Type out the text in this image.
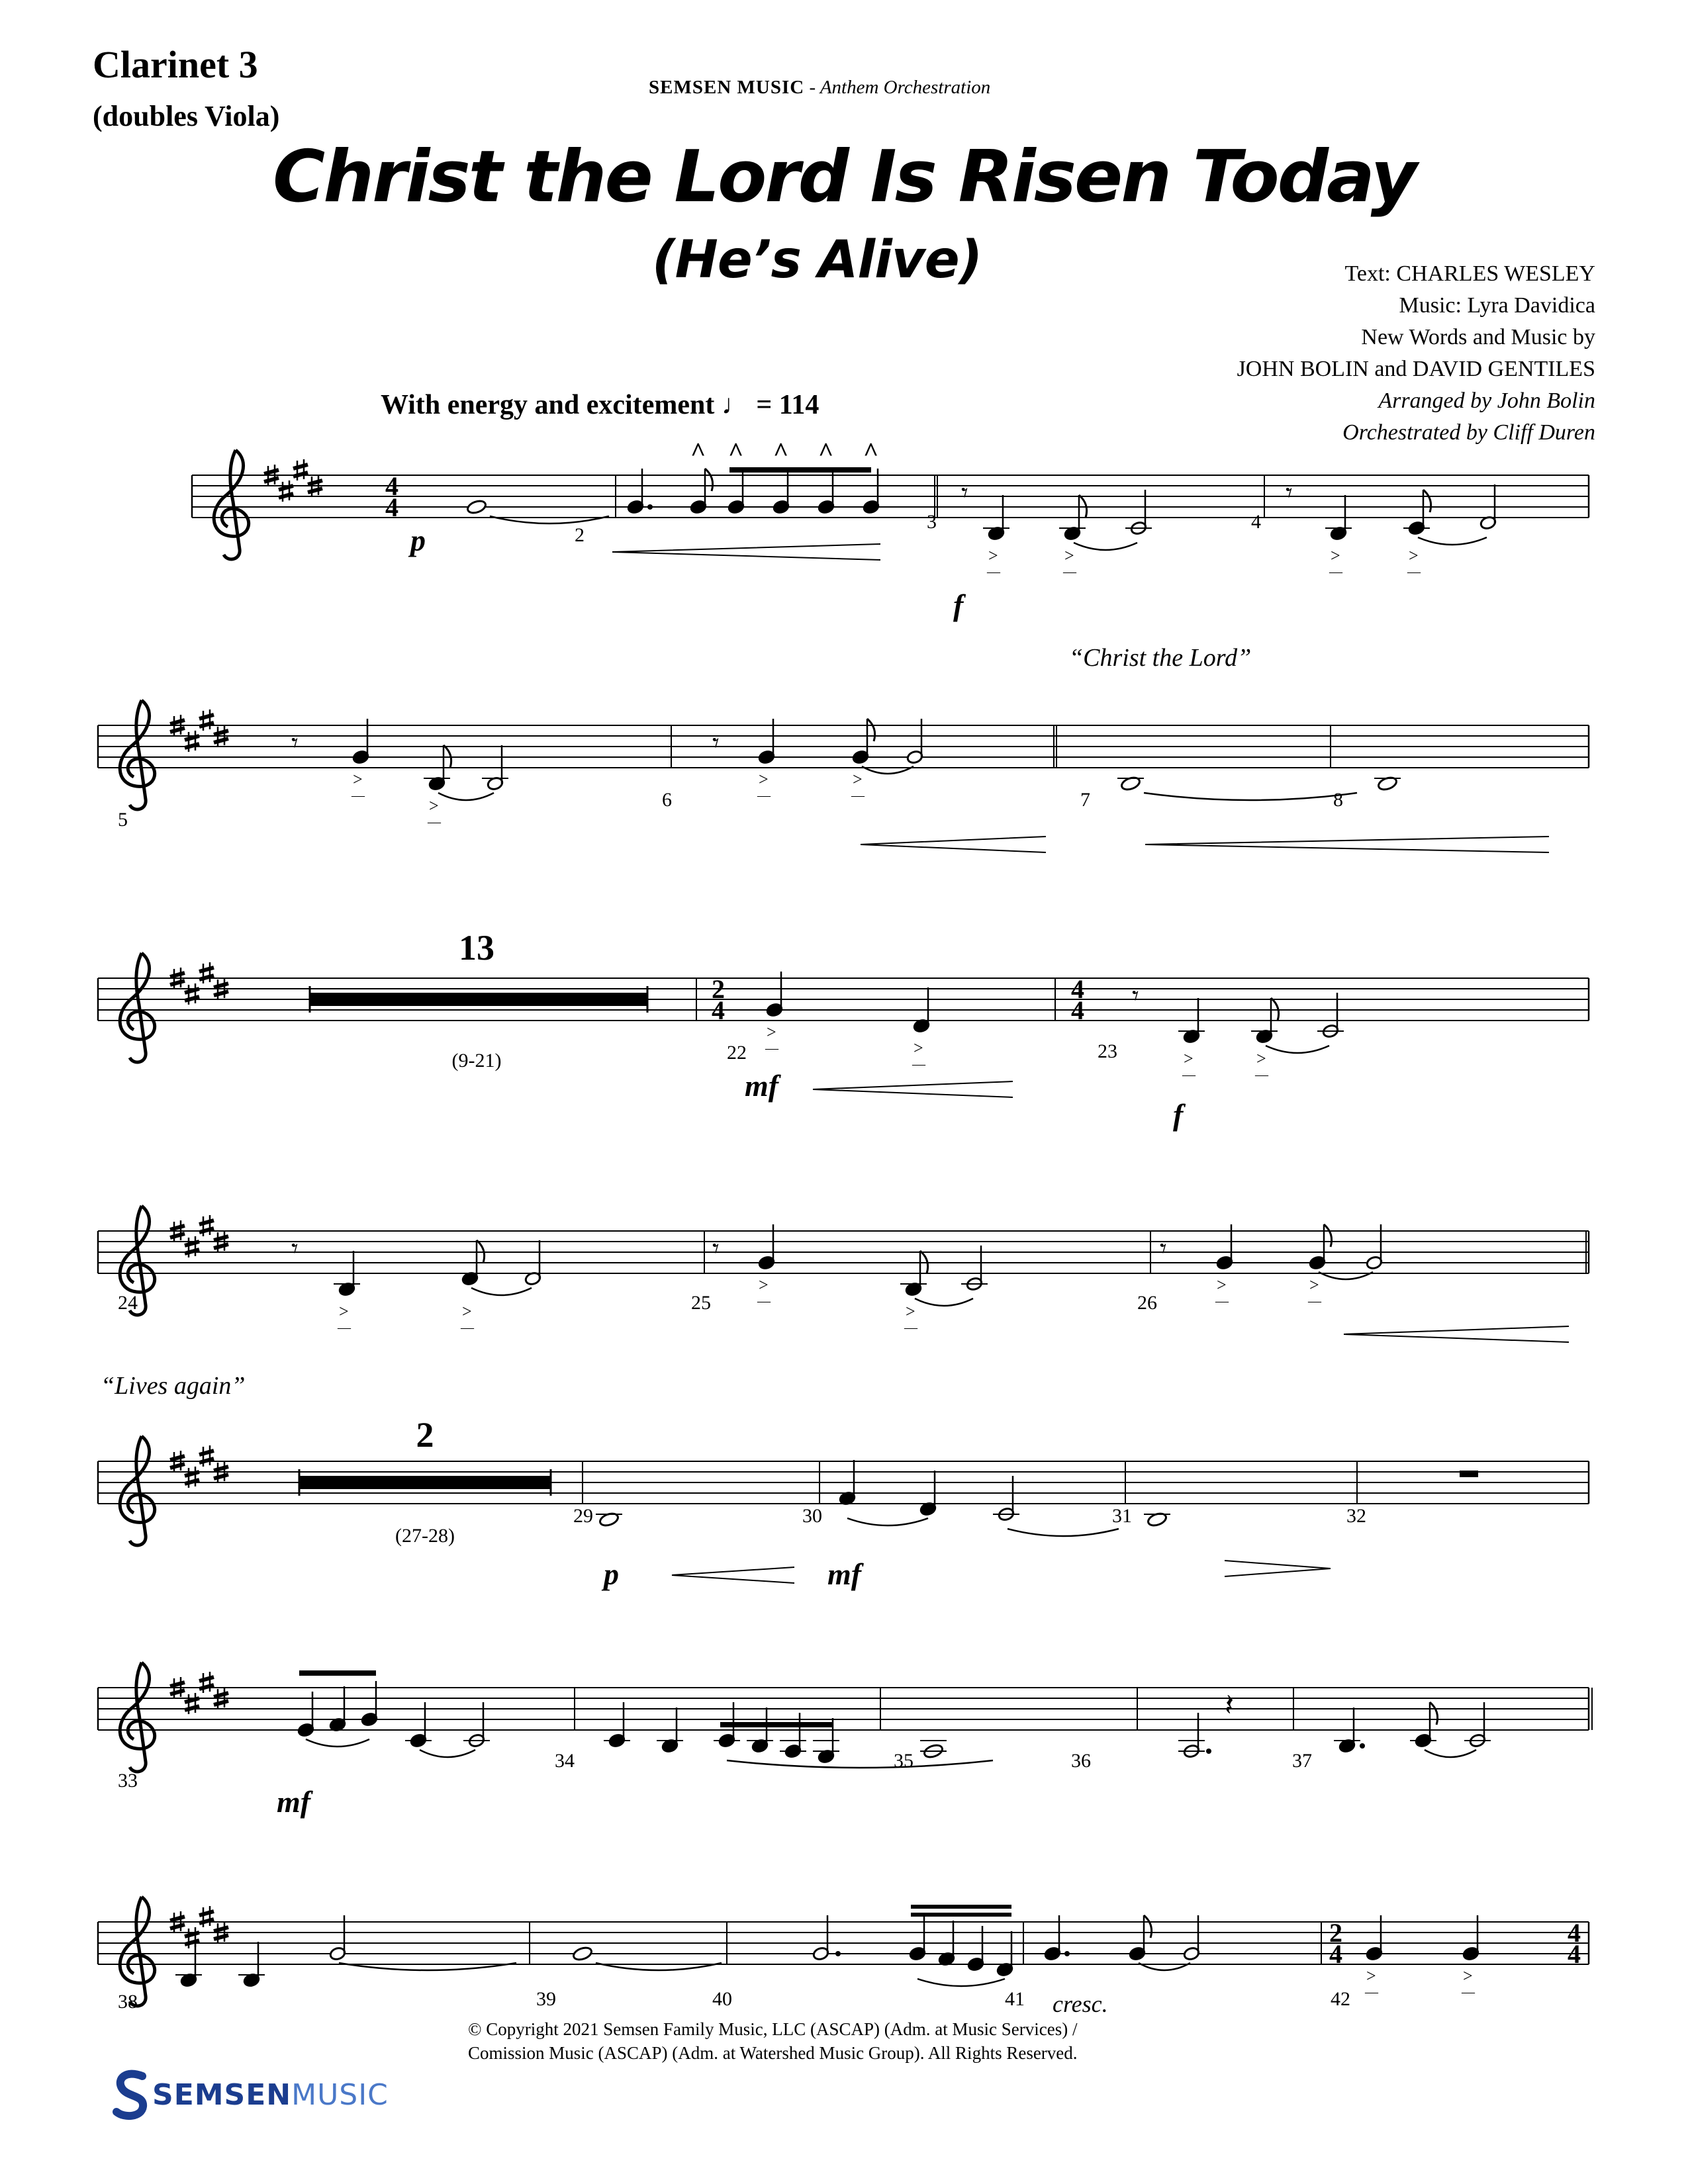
Clarinet 3
(doubles Viola)
SEMSEN MUSIC - Anthem Orchestration
Christ the Lord Is Risen Today
(He’s Alive)	Text: CHARLES WESLEY
Music: Lyra Davidica
New Words and Music by
JOHN BOLIN and DAVID GENTILES
Arranged by John Bolin
Orchestrated by Cliff Duren
With energy and excitement ♩ = 114
“Christ the Lord”
“Lives again”
4
4
2
4
4
4
2
4
4
4
^ ^ ^ ^ ^
p	2
𝄾
>
—
>
—
f
3
𝄾
>
—
>
—
4
𝄾
>
—
>
—
5
𝄾
>
—
>
—
6	7	8
13
(9-21)
>
—	>
—
22
mf
𝄾
>
—
>
—
23
f
𝄾
>
—
>
—
24
𝄾
>
—
>
—
25
𝄾
>
—
>
—
26
2
(27-28)
29
p
30
mf
31	32
33
mf
34	35	36
𝄽
37
38	39	40	41 cresc.
>
—
>
—
42
SEMSEN MUSIC
© Copyright 2021 Semsen Family Music, LLC (ASCAP) (Adm. at Music Services) /
Comission Music (ASCAP) (Adm. at Watershed Music Group). All Rights Reserved.
